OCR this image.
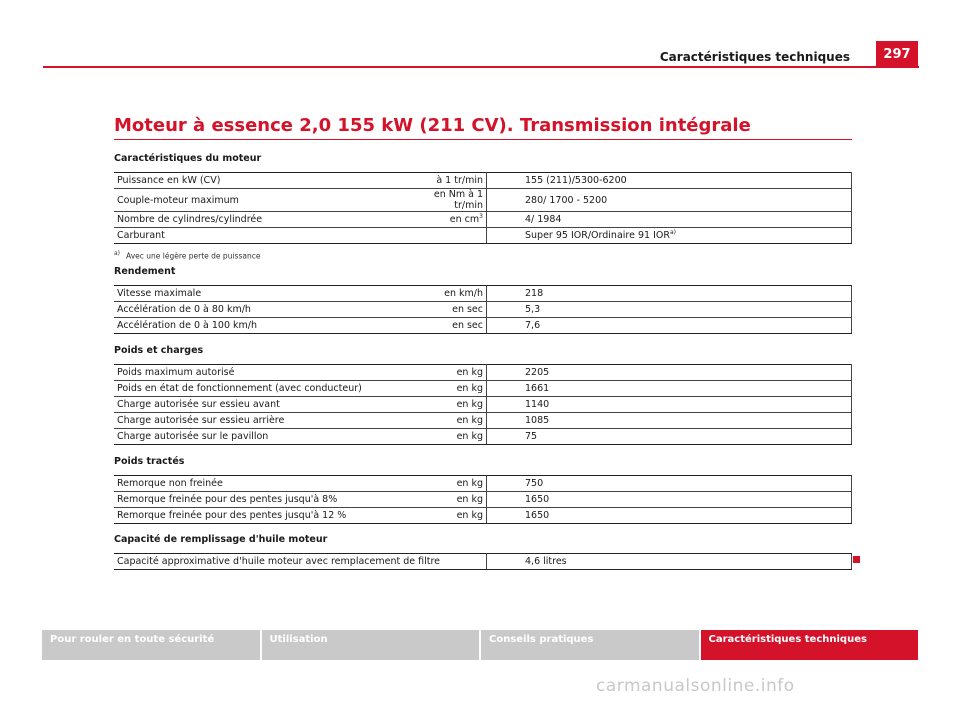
Caractéristiques techniques	297
Moteur à essence 2,0 155 kW (211 CV). Transmission intégrale
Caractéristiques du moteur
Puissance en kW (CV)	à 1 tr/min	155 (211)/5300-6200
Couple-moteur maximum	en Nm à 1 tr/min	280/ 1700 - 5200
Nombre de cylindres/cylindrée	en $cm^3$	4/ 1984
Carburant		Super 95 IOR/Ordinaire 91 IOR$^{a)}$
$^{a)}$ Avec une légère perte de puissance
Rendement
Vitesse maximale	en km/h	218
Accélération de 0 à 80 km/h	en sec	5,3
Accélération de 0 à 100 km/h	en sec	7,6
Poids et charges
Poids maximum autorisé	en kg	2205
Poids en état de fonctionnement (avec conducteur)	en kg	1661
Charge autorisée sur essieu avant	en kg	1140
Charge autorisée sur essieu arrière	en kg	1085
Charge autorisée sur le pavillon	en kg	75
Poids tractés
Remorque non freinée	en kg	750
Remorque freinée pour des pentes jusqu'à 8%	en kg	1650
Remorque freinée pour des pentes jusqu'à 12 %	en kg	1650
Capacité de remplissage d'huile moteur
Capacité approximative d'huile moteur avec remplacement de filtre	4,6 litres
Pour rouler en toute sécurité	Utilisation	Conseils pratiques	Caractéristiques techniques
carmanualsonline.info
